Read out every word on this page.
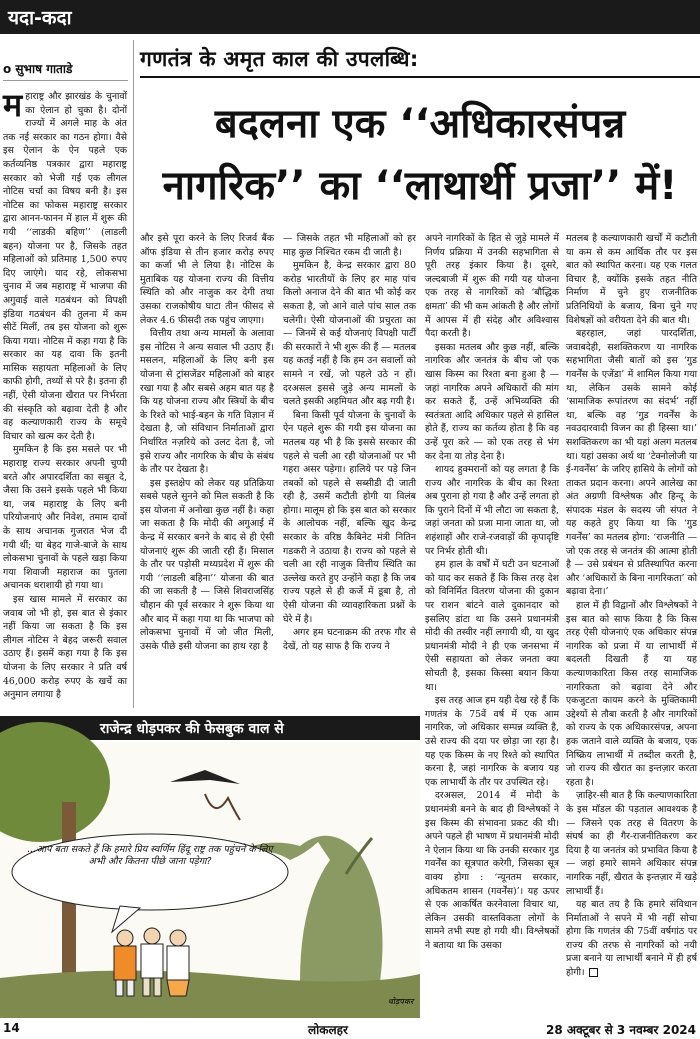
यदा-कदा
गणतंत्र के अमृत काल की उपलब्धि:
बदलना एक ‘‘अधिकारसंपन्न
नागरिक’’ का ‘‘लाथार्थी प्रजा’’ में!
ο सुभाष गाताडे

महाराष्ट्र और झारखंड के चुनावों का ऐलान हो चुका है। दोनों राज्यों में अगले माह के अंत तक नई सरकार का गठन होगा। वैसे इस ऐलान के ऐन पहले एक कर्तव्यनिष्ठ पत्रकार द्वारा महाराष्ट्र सरकार को भेजी गई एक लीगल नोटिस चर्चा का विषय बनी है। इस नोटिस का फोकस महाराष्ट्र सरकार द्वारा आनन-फानन में हाल में शुरू की गयी ‘‘लाडकी बहिण’’ (लाडली बहन) योजना पर है, जिसके तहत महिलाओं को प्रतिमाह 1,500 रुपए दिए जाएंगे। याद रहे, लोकसभा चुनाव में जब महाराष्ट्र में भाजपा की अगुवाई वाले गठबंधन को विपक्षी इंडिया गठबंधन की तुलना में कम सीटें मिलीं, तब इस योजना को शुरू किया गया। नोटिस में कहा गया है कि सरकार का यह दावा कि इतनी मासिक सहायता महिलाओं के लिए काफी होगी, तथ्यों से परे है। इतना ही नहीं, ऐसी योजना खैरात पर निर्भरता की संस्कृति को बढ़ावा देती है और वह कल्याणकारी राज्य के समूचे विचार को खत्म कर देती है।

मुमकिन है कि इस मसले पर भी महाराष्ट्र राज्य सरकार अपनी चुप्पी बरते और अपारदर्शिता का सबूत दे, जैसा कि उसने इसके पहले भी किया था, जब महाराष्ट्र के लिए बनी परियोजनाएं और निवेश, तमाम दावों के साथ अचानक गुजरात भेज दी गयी थीं; या बेहद गाजे-बाजे के साथ लोकसभा चुनावों के पहले खड़ा किया गया शिवाजी महाराज का पुतला अचानक धराशायी हो गया था।

इस खास मामले में सरकार का जवाब जो भी हो, इस बात से इंकार नहीं किया जा सकता है कि इस लीगल नोटिस ने बेहद जरूरी सवाल उठाए हैं। इसमें कहा गया है कि इस योजना के लिए सरकार ने प्रति वर्ष 46,000 करोड़ रुपए के खर्चे का अनुमान लगाया है

और इसे पूरा करने के लिए रिजर्व बैंक ऑफ इंडिया से तीन हजार करोड़ रुपए का कर्जा भी ले लिया है। नोटिस के मुताबिक यह योजना राज्य की वित्तीय स्थिति को और नाजुक कर देगी तथा उसका राजकोषीय घाटा तीन फीसद से लेकर 4.6 फीसदी तक पहुंच जाएगा।

वित्तीय तथा अन्य मामलों के अलावा इस नोटिस ने अन्य सवाल भी उठाए हैं। मसलन, महिलाओं के लिए बनी इस योजना से ट्रांसजेंडर महिलाओं को बाहर रखा गया है और सबसे अहम बात यह है कि यह योजना राज्य और स्त्रियों के बीच के रिश्ते को भाई-बहन के गति विज्ञान में देखता है, जो संविधान निर्माताओं द्वारा निर्धारित नज़रिये को उलट देता है, जो इसे राज्य और नागरिक के बीच के संबंध के तौर पर देखता है।

इस इस्तक्षेप को लेकर यह प्रतिक्रिया सबसे पहले सुनने को मिल सकती है कि इस योजना में अनोखा कुछ नहीं है। कहा जा सकता है कि मोदी की अगुआई में केन्द्र में सरकार बनने के बाद से ही ऐसी योजनाएं शुरू की जाती रही हैं। मिसाल के तौर पर पड़ोसी मध्यप्रदेश में शुरू की गयी ‘‘लाडली बहिना’’ योजना की बात की जा सकती है — जिसे शिवराजसिंह चौहान की पूर्व सरकार ने शुरू किया था और बाद में कहा गया था कि भाजपा को लोकसभा चुनावों में जो जीत मिली, उसके पीछे इसी योजना का हाथ रहा है

— जिसके तहत भी महिलाओं को हर माह कुछ निश्चित रकम दी जाती है।

मुमकिन है, केन्द्र सरकार द्वारा 80 करोड़ भारतीयों के लिए हर माह पांच किलो अनाज देने की बात भी कोई कर सकता है, जो आने वाले पांच साल तक चलेगी। ऐसी योजनाओं की प्रचुरता का — जिनमें से कई योजनाएं विपक्षी पार्टी की सरकारों ने भी शुरू की हैं — मतलब यह कतई नहीं है कि हम उन सवालों को सामने न रखें, जो पहले उठे न हों। दरअसल इससे जुड़े अन्य मामलों के चलते इसकी अहमियत और बढ़ गयी है।

बिना किसी पूर्व योजना के चुनावों के ऐन पहले शुरू की गयी इस योजना का मतलब यह भी है कि इससे सरकार की पहले से चली आ रही योजनाओं पर भी गहरा असर पड़ेगा। हालिये पर पड़े जिन तबकों को पहले से सब्सीडी दी जाती रही है, उसमें कटौती होगी या विलंब होगा। मालूम हो कि इस बात को सरकार के आलोचक नहीं, बल्कि खुद केन्द्र सरकार के वरिष्ठ कैबिनेट मंत्री नितिन गडकरी ने उठाया है। राज्य को पहले से चली आ रही नाजुक वित्तीय स्थिति का उल्लेख करते हुए उन्होंने कहा है कि जब राज्य पहले से ही कर्जे में डूबा है, तो ऐसी योजना की व्यावहारिकता प्रश्नों के घेरे में है।

अगर हम घटनाक्रम की तरफ गौर से देखें, तो यह साफ है कि राज्य ने

अपने नागरिकों के हित से जुड़े मामले में निर्णय प्रक्रिया में उनकी सहभागिता से पूरी तरह इंकार किया है। दूसरे, जल्दबाजी में शुरू की गयी यह योजना एक तरह से नागरिकों को ‘बौद्धिक क्षमता’ की भी कम आंकती है और लोगों में आपस में ही संदेह और अविश्वास पैदा करती है।

इसका मतलब और कुछ नहीं, बल्कि नागरिक और जनतंत्र के बीच जो एक खास किस्म का रिश्ता बना हुआ है — जहां नागरिक अपने अधिकारों की मांग कर सकते हैं, उन्हें अभिव्यक्ति की स्वतंत्रता आदि अधिकार पहले से हासिल होते हैं, राज्य का कर्तव्य होता है कि वह उन्हें पूरा करे — को एक तरह से भंग कर देना या तोड़ देना है।

शायद हुक्मरानों को यह लगता है कि राज्य और नागरिक के बीच का रिश्ता अब पुराना हो गया है और उन्हें लगता हो कि पुराने दिनों में भी लौटा जा सकता है, जहां जनता को प्रजा माना जाता था, जो शहंशाहों और राजे-रजवाड़ों की कृपादृष्टि पर निर्भर होती थी।

हम हाल के वर्षों में घटी उन घटनाओं को याद कर सकते हैं कि किस तरह देश को विनिर्मित वितरण योजना की दुकान पर राशन बांटने वाले दुकानदार को इसलिए डांटा था कि उसने प्रधानमंत्री मोदी की तस्वीर नहीं लगायी थी, या खुद प्रधानमंत्री मोदी ने ही एक जनसभा में ऐसी सहायता को लेकर जनता क्या सोचती है, इसका किस्सा बयान किया था।

इस तरह आज हम यही देख रहे हैं कि गणतंत्र के 75वें वर्ष में एक आम नागरिक, जो अधिकार सम्पन्न व्यक्ति है, उसे राज्य की दया पर छोड़ा जा रहा है। यह एक किस्म के नए रिश्ते को स्थापित करना है, जहां नागरिक के बजाय यह एक लाभार्थी के तौर पर उपस्थित रहे।

दरअसल, 2014 में मोदी के प्रधानमंत्री बनने के बाद ही विश्लेषकों ने इस किस्म की संभावना प्रकट की थी। अपने पहले ही भाषण में प्रधानमंत्री मोदी ने ऐलान किया था कि उनकी सरकार गुड गवर्नेंस का सूत्रपात करेगी, जिसका सूत्र वाक्य होगा : ‘न्यूनतम सरकार, अधिकतम शासन (गवर्नेंस)’। यह ऊपर से एक आकर्षित करनेवाला विचार था, लेकिन उसकी वास्तविकता लोगों के सामने तभी स्पष्ट हो गयी थी। विश्लेषकों ने बताया था कि उसका

मतलब है कल्याणकारी खर्चों में कटौती या कम से कम आर्थिक तौर पर इस बात को स्थापित करना। यह एक गलत विचार है, क्योंकि इसके तहत नीति निर्माण में चुने हुए राजनीतिक प्रतिनिधियों के बजाय, बिना चुने गए विशेषज्ञों को वरीयता देने की बात थी।

बहरहाल, जहां पारदर्शिता, जवाबदेही, सशक्तिकरण या नागरिक सहभागिता जैसी बातों को इस ‘गुड गवर्नेंस के एजेंडा’ में शामिल किया गया था, लेकिन उसके सामने कोई ‘सामाजिक रूपांतरण का संदर्भ’ नहीं था, बल्कि वह ‘गुड गवर्नेंस के नवउदारवादी विजन का ही हिस्सा था।’ सशक्तिकरण का भी यहां अलग मतलब था। यहां उसका अर्थ था ‘टेक्नोलोजी या ई-गवर्नेंस’ के जरिए हासिये के लोगों को ताकत प्रदान करना। अपने आलेख का अंत अग्रणी विश्लेषक और हिन्दू के संपादक मंडल के सदस्य जी संपत ने यह कहते हुए किया था कि ‘गुड गवर्नेंस’ का मतलब होगा: ‘राजनीति — जो एक तरह से जनतंत्र की आत्मा होती है — उसे प्रबंधन से प्रतिस्थापित करना और ‘अधिकारों के बिना नागरिकता’ को बढ़ावा देना।’

हाल में ही विद्वानों और विश्लेषकों ने इस बात को साफ किया है कि किस तरह ऐसी योजनाएं एक अधिकार संपन्न नागरिक को प्रजा में या लाभार्थी में बदलती दिखती हैं या यह कल्याणकारिता किस तरह सामाजिक नागरिकता को बढ़ावा देने और एकजुटता कायम करने के मुक्तिकामी उद्देश्यों से तौबा करती है और नागरिकों को राज्य के एक अधिकारसंपन्न, अपना हक जताने वाले व्यक्ति के बजाय, एक निष्क्रिय लाभार्थी में तब्दील करती है, जो राज्य की खैरात का इन्तज़ार करता रहता है।

ज़ाहिर-सी बात है कि कल्याणकारिता के इस मॉडल की पड़ताल आवश्यक है — जिसने एक तरह से वितरण के संघर्ष का ही गैर-राजनीतिकरण कर दिया है या जनतंत्र को प्रभावित किया है — जहां हमारे सामने अधिकार संपन्न नागरिक नहीं, खैरात के इन्तज़ार में खड़े लाभार्थी हैं।

यह बात तय है कि हमारे संविधान निर्माताओं ने सपने में भी नहीं सोचा होगा कि गणतंत्र की 75वीं वर्षगांठ पर राज्य की तरफ से नागरिकों को नयी प्रजा बनाने या लाभार्थी बनाने में ही हर्ष होगी।

राजेन्द्र धोड़पकर की फेसबुक वाल से
...आप बता सकते हैं कि हमारे प्रिय स्वर्णिम हिंदू राष्ट्र तक पहुंचने के लिए अभी और कितना पीछे जाना पड़ेगा?
धोड़पकर
14	लोकलहर	28 अक्टूबर से 3 नवम्बर 2024
